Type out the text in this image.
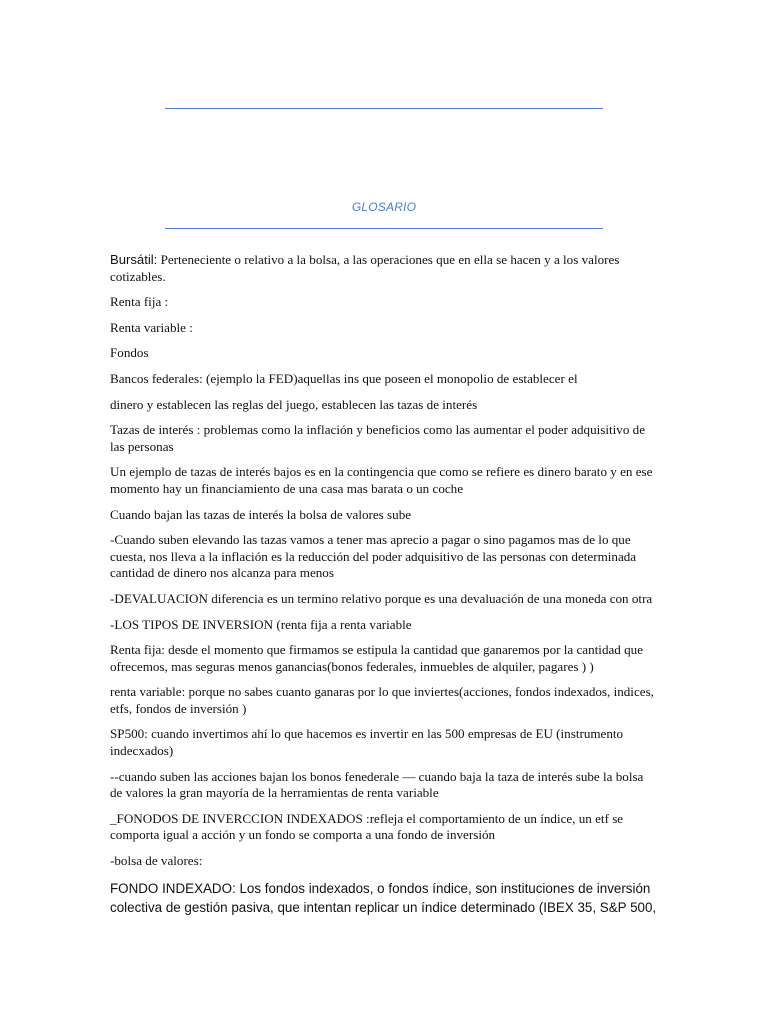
GLOSARIO

Bursátil: Perteneciente o relativo a la bolsa, a las operaciones que en ella se hacen y a los valores cotizables.

Renta fija :

Renta variable :

Fondos

Bancos federales: (ejemplo la FED)aquellas ins que poseen el monopolio de establecer el

dinero y establecen las reglas del juego, establecen las tazas de interés

Tazas de interés : problemas como la inflación y beneficios como las aumentar el poder adquisitivo de las personas

Un ejemplo de tazas de interés bajos es en la contingencia que como se refiere es dinero barato y en ese momento hay un financiamiento de una casa mas barata o un coche

Cuando bajan las tazas de interés la bolsa de valores sube

-Cuando suben elevando las tazas vamos a tener mas aprecio a pagar o sino pagamos mas de lo que cuesta, nos lleva a la inflación es la reducción del poder adquisitivo de las personas con determinada cantidad de dinero nos alcanza para menos

-DEVALUACION diferencia es un termino relativo porque es una devaluación de una moneda con otra

-LOS TIPOS DE INVERSION (renta fija a renta variable

Renta fija: desde el momento que firmamos se estipula la cantidad que ganaremos por la cantidad que ofrecemos, mas seguras menos ganancias(bonos federales, inmuebles de alquiler, pagares ) )

renta variable: porque no sabes cuanto ganaras por lo que inviertes(acciones, fondos indexados, indices, etfs, fondos de inversión )

SP500: cuando invertimos ahí lo que hacemos es invertir en las 500 empresas de EU (instrumento indecxados)

--cuando suben las acciones bajan los bonos fenederale — cuando baja la taza de interés sube la bolsa de valores la gran mayoría de la herramientas de renta variable

_FONODOS DE INVERCCION INDEXADOS :refleja el comportamiento de un índice, un etf se comporta igual a acción y un fondo se comporta a una fondo de inversión

-bolsa de valores:

FONDO INDEXADO: Los fondos indexados, o fondos índice, son instituciones de inversión colectiva de gestión pasiva, que intentan replicar un índice determinado (IBEX 35, S&P 500,
